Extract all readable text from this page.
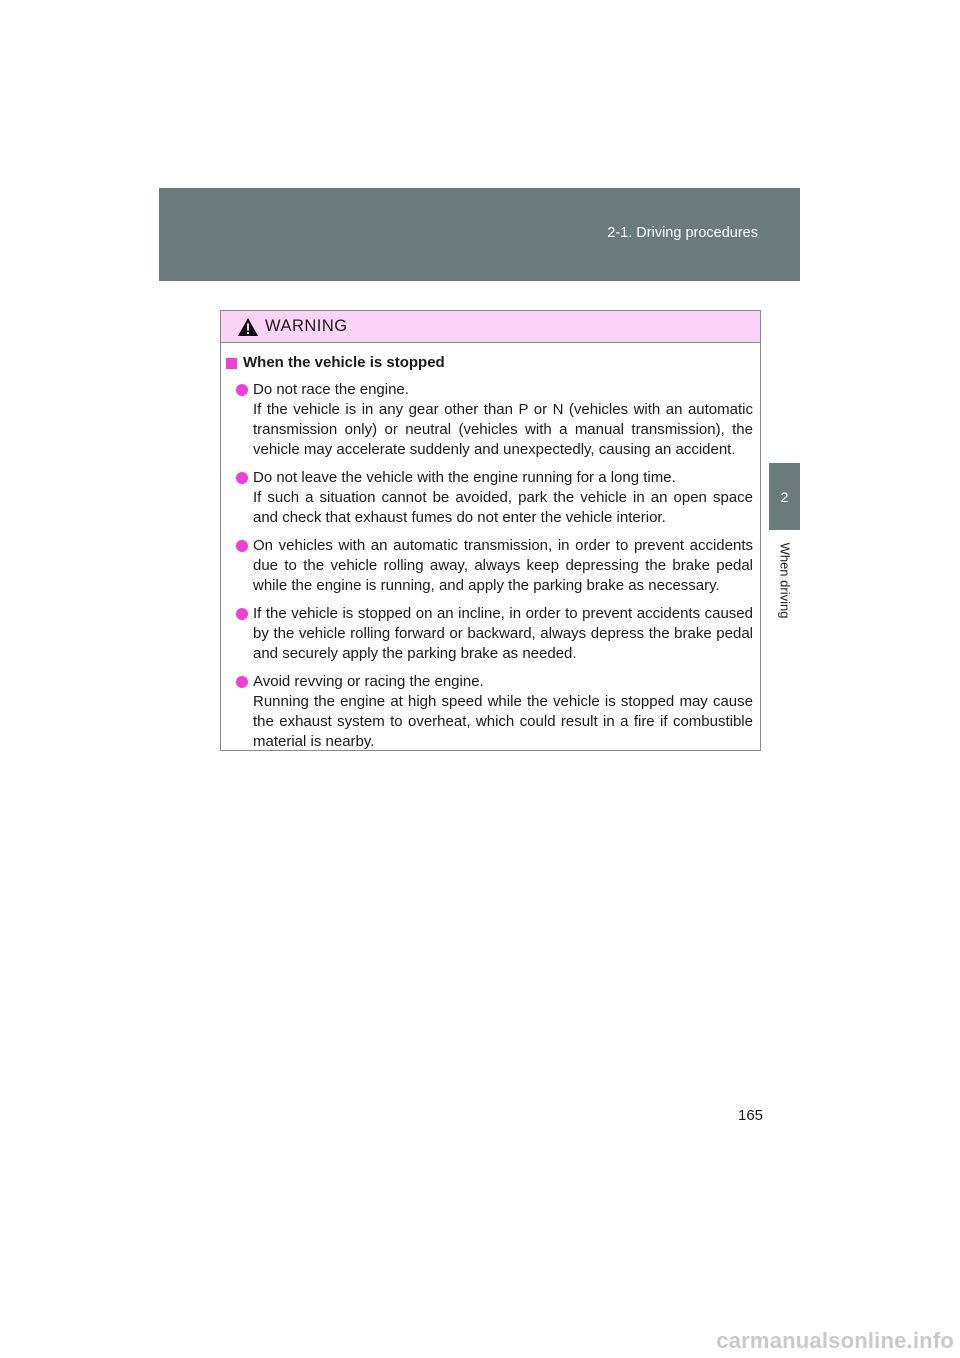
2-1. Driving procedures
2
When driving
WARNING
When the vehicle is stopped
Do not race the engine.
If the vehicle is in any gear other than P or N (vehicles with an automatic
transmission only) or neutral (vehicles with a manual transmission), the
vehicle may accelerate suddenly and unexpectedly, causing an accident.
Do not leave the vehicle with the engine running for a long time.
If such a situation cannot be avoided, park the vehicle in an open space
and check that exhaust fumes do not enter the vehicle interior.
On vehicles with an automatic transmission, in order to prevent accidents
due to the vehicle rolling away, always keep depressing the brake pedal
while the engine is running, and apply the parking brake as necessary.
If the vehicle is stopped on an incline, in order to prevent accidents caused
by the vehicle rolling forward or backward, always depress the brake pedal
and securely apply the parking brake as needed.
Avoid revving or racing the engine.
Running the engine at high speed while the vehicle is stopped may cause
the exhaust system to overheat, which could result in a fire if combustible
material is nearby.
165
carmanualsonline.info
